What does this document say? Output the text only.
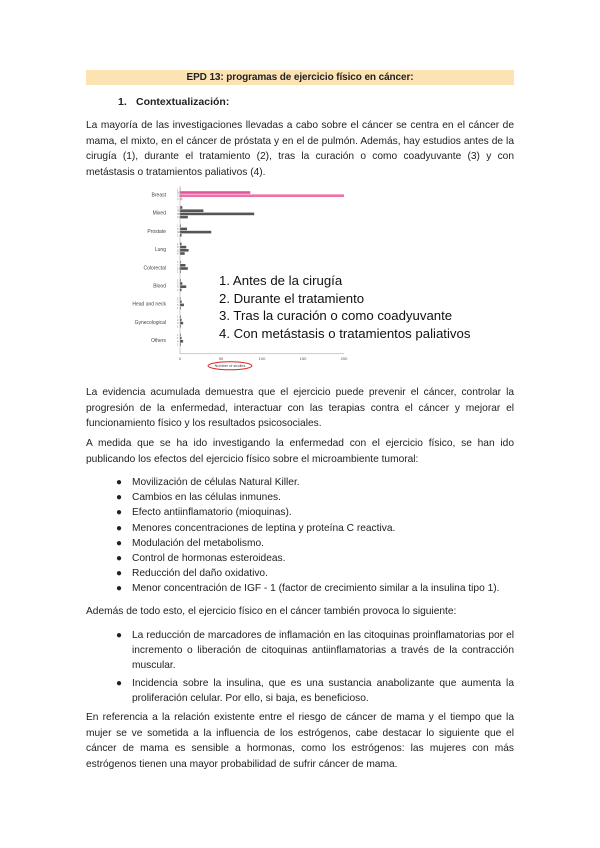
EPD 13: programas de ejercicio físico en cáncer:
1. Contextualización:

La mayoría de las investigaciones llevadas a cabo sobre el cáncer se centra en el cáncer de mama, el mixto, en el cáncer de próstata y en el de pulmón. Además, hay estudios antes de la cirugía (1), durante el tratamiento (2), tras la curación o como coadyuvante (3) y con metástasis o tratamientos paliativos (4).

Breast
1
90
210
3
Mixed
3
30
95
10
Prostate
1
9
40
2
Lung
2
8
11
6
Colorectal
1
7
10
1
Blood
1
3
8
2
Head and neck
0
2
5
1
Gynecological
1
2
4
1
Others
1
2
4
1
0	50	100	150	200
Number of studies
1. Antes de la cirugía
2. Durante el tratamiento
3. Tras la curación o como coadyuvante
4. Con metástasis o tratamientos paliativos

La evidencia acumulada demuestra que el ejercicio puede prevenir el cáncer, controlar la progresión de la enfermedad, interactuar con las terapias contra el cáncer y mejorar el funcionamiento físico y los resultados psicosociales.

A medida que se ha ido investigando la enfermedad con el ejercicio físico, se han ido publicando los efectos del ejercicio físico sobre el microambiente tumoral:

● Movilización de células Natural Killer.
● Cambios en las células inmunes.
● Efecto antiinflamatorio (mioquinas).
● Menores concentraciones de leptina y proteína C reactiva.
● Modulación del metabolismo.
● Control de hormonas esteroideas.
● Reducción del daño oxidativo.
● Menor concentración de IGF - 1 (factor de crecimiento similar a la insulina tipo 1).

Además de todo esto, el ejercicio físico en el cáncer también provoca lo siguiente:

● La reducción de marcadores de inflamación en las citoquinas proinflamatorias por el incremento o liberación de citoquinas antiinflamatorias a través de la contracción muscular.
● Incidencia sobre la insulina, que es una sustancia anabolizante que aumenta la proliferación celular. Por ello, si baja, es beneficioso.

En referencia a la relación existente entre el riesgo de cáncer de mama y el tiempo que la mujer se ve sometida a la influencia de los estrógenos, cabe destacar lo siguiente que el cáncer de mama es sensible a hormonas, como los estrógenos: las mujeres con más estrógenos tienen una mayor probabilidad de sufrir cáncer de mama.
